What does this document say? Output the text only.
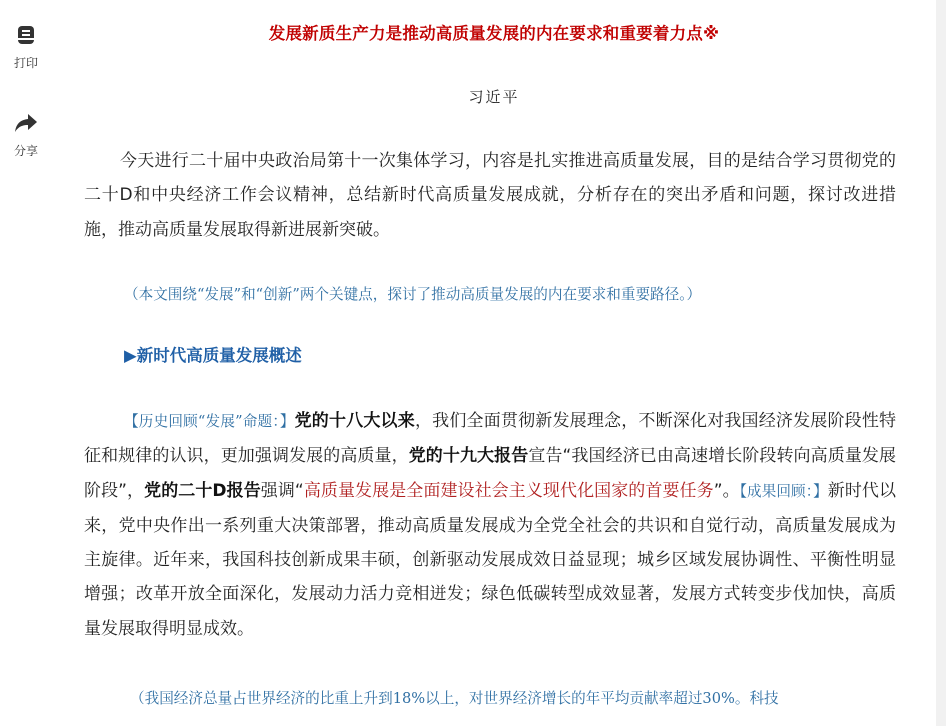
打印
分享
发展新质生产力是推动高质量发展的内在要求和重要着力点※
习近平

今天进行二十届中央政治局第十一次集体学习，内容是扎实推进高质量发展，目的是结合学习贯彻党的二十D和中央经济工作会议精神，总结新时代高质量发展成就，分析存在的突出矛盾和问题，探讨改进措施，推动高质量发展取得新进展新突破。

（本文围绕“发展”和“创新”两个关键点，探讨了推动高质量发展的内在要求和重要路径。）

▶新时代高质量发展概述

【历史回顾“发展”命题：】党的十八大以来，我们全面贯彻新发展理念，不断深化对我国经济发展阶段性特征和规律的认识，更加强调发展的高质量，党的十九大报告宣告“我国经济已由高速增长阶段转向高质量发展阶段”，党的二十D报告强调“高质量发展是全面建设社会主义现代化国家的首要任务”。【成果回顾：】新时代以来，党中央作出一系列重大决策部署，推动高质量发展成为全党全社会的共识和自觉行动，高质量发展成为主旋律。近年来，我国科技创新成果丰硕，创新驱动发展成效日益显现；城乡区域发展协调性、平衡性明显增强；改革开放全面深化，发展动力活力竞相迸发；绿色低碳转型成效显著，发展方式转变步伐加快，高质量发展取得明显成效。

（我国经济总量占世界经济的比重上升到18%以上，对世界经济增长的年平均贡献率超过30%。科技
